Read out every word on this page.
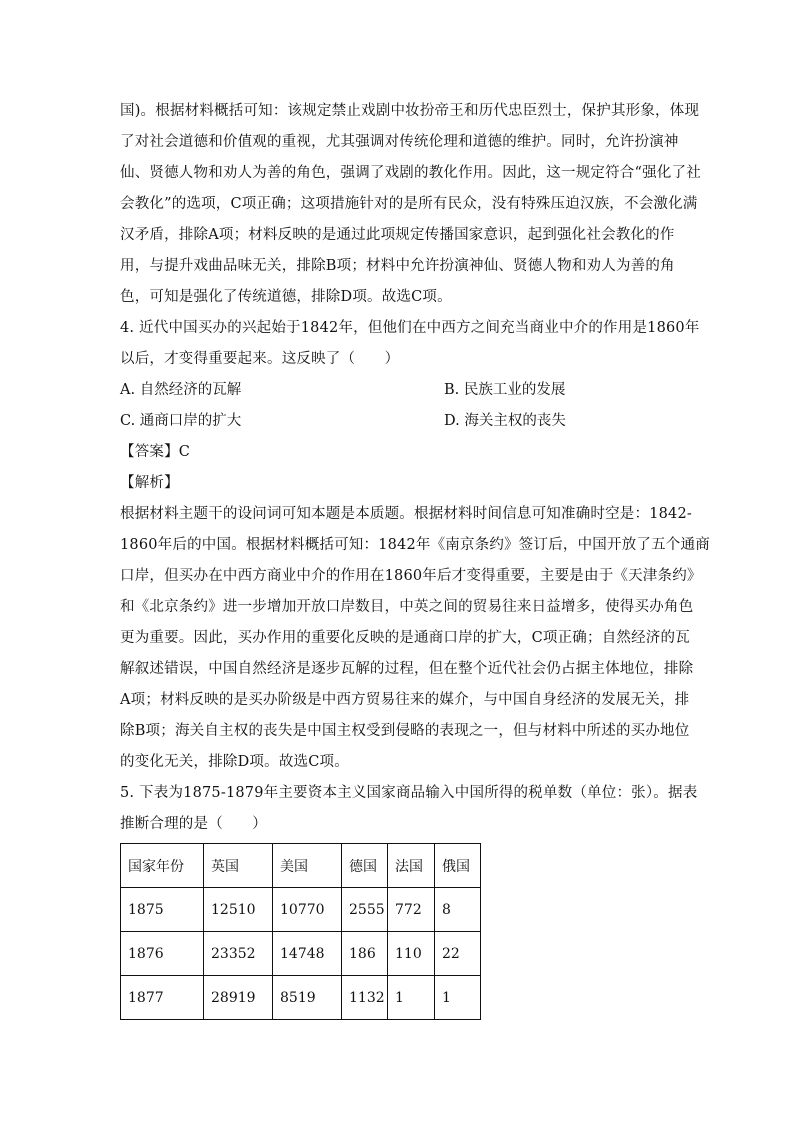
国)。根据材料概括可知：该规定禁止戏剧中妆扮帝王和历代忠臣烈士，保护其形象，体现
了对社会道德和价值观的重视，尤其强调对传统伦理和道德的维护。同时，允许扮演神
仙、贤德人物和劝人为善的角色，强调了戏剧的教化作用。因此，这一规定符合“强化了社
会教化”的选项，C项正确；这项措施针对的是所有民众，没有特殊压迫汉族，不会激化满
汉矛盾，排除A项；材料反映的是通过此项规定传播国家意识，起到强化社会教化的作
用，与提升戏曲品味无关，排除B项；材料中允许扮演神仙、贤德人物和劝人为善的角
色，可知是强化了传统道德，排除D项。故选C项。
4. 近代中国买办的兴起始于1842年，但他们在中西方之间充当商业中介的作用是1860年
以后，才变得重要起来。这反映了（　　）
A. 自然经济的瓦解	B. 民族工业的发展
C. 通商口岸的扩大	D. 海关主权的丧失
【答案】C
【解析】
根据材料主题干的设问词可知本题是本质题。根据材料时间信息可知准确时空是：1842-
1860年后的中国。根据材料概括可知：1842年《南京条约》签订后，中国开放了五个通商
口岸，但买办在中西方商业中介的作用在1860年后才变得重要，主要是由于《天津条约》
和《北京条约》进一步增加开放口岸数目，中英之间的贸易往来日益增多，使得买办角色
更为重要。因此，买办作用的重要化反映的是通商口岸的扩大，C项正确；自然经济的瓦
解叙述错误，中国自然经济是逐步瓦解的过程，但在整个近代社会仍占据主体地位，排除
A项；材料反映的是买办阶级是中西方贸易往来的媒介，与中国自身经济的发展无关，排
除B项；海关自主权的丧失是中国主权受到侵略的表现之一，但与材料中所述的买办地位
的变化无关，排除D项。故选C项。
5. 下表为1875-1879年主要资本主义国家商品输入中国所得的税单数（单位：张）。据表
推断合理的是（　　）
国家年份	英国	美国	德国	法国	俄国
1875	12510	10770	2555	772	8
1876	23352	14748	186	110	22
1877	28919	8519	1132	1	1
